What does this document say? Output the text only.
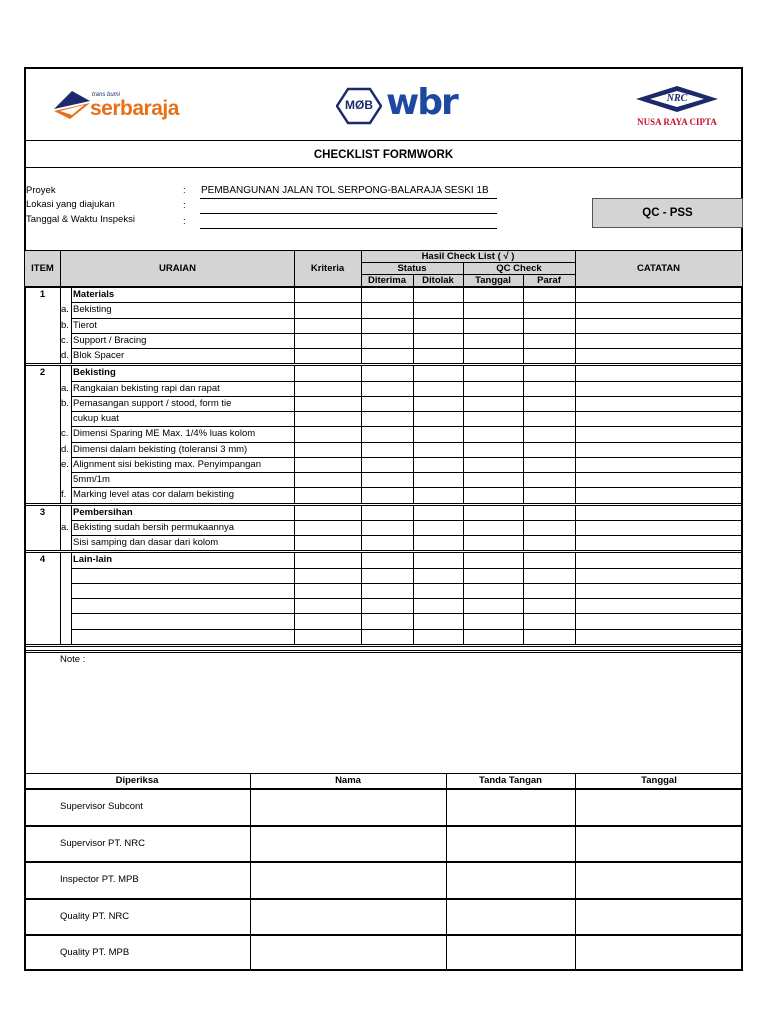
trans bumi
serbaraja	MØB wbr	NRC
NUSA RAYA CIPTA
CHECKLIST FORMWORK
Proyek	: PEMBANGUNAN JALAN TOL SERPONG-BALARAJA SESKI 1B
Lokasi yang diajukan	:
Tanggal & Waktu Inspeksi	:
QC - PSS
ITEM	URAIAN	Kriteria
Hasil Check List ( √ )
Status	QC Check
Diterima	Ditolak	Tanggal	Paraf
CATATAN
1	Materials
a. Bekisting
b. Tierot
c. Support / Bracing
d. Blok Spacer
2	Bekisting
a. Rangkaian bekisting rapi dan rapat
b. Pemasangan support / stood, form tie
cukup kuat
c. Dimensi Sparing ME Max. 1/4% luas kolom
d. Dimensi dalam bekisting (toleransi 3 mm)
e. Alignment sisi bekisting max. Penyimpangan
5mm/1m
f. Marking level atas cor dalam bekisting
3	Pembersihan
a. Bekisting sudah bersih permukaannya
Sisi samping dan dasar dari kolom
4	Lain-lain
Note :
Diperiksa	Nama	Tanda Tangan	Tanggal
Supervisor Subcont
Supervisor PT. NRC
Inspector PT. MPB
Quality PT. NRC
Quality PT. MPB
